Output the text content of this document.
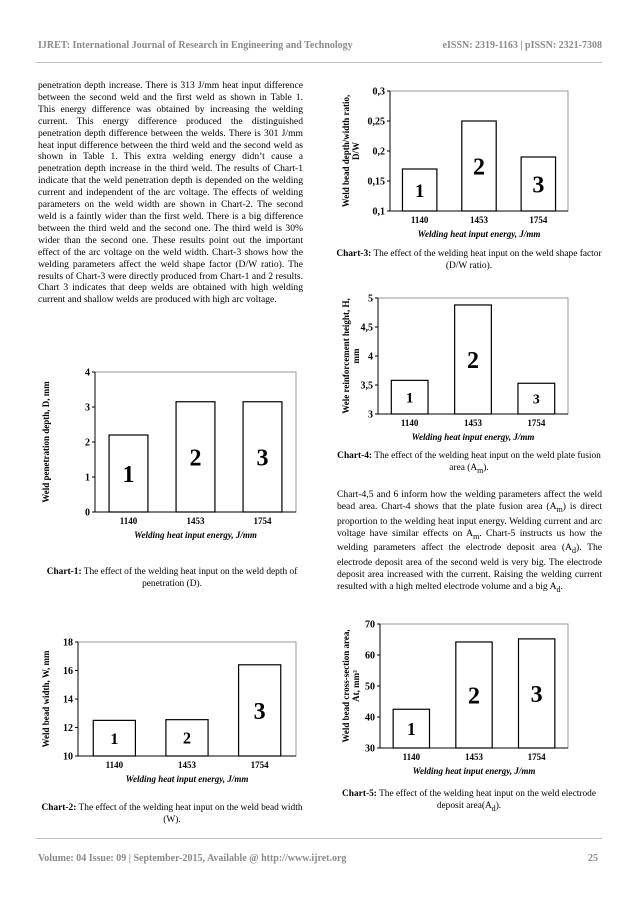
IJRET: International Journal of Research in Engineering and Technology	eISSN: 2319-1163 | pISSN: 2321-7308

penetration depth increase. There is 313 J/mm heat input difference between the second weld and the first weld as shown in Table 1. This energy difference was obtained by increasing the welding current. This energy difference produced the distinguished penetration depth difference between the welds. There is 301 J/mm heat input difference between the third weld and the second weld as shown in Table 1. This extra welding energy didn’t cause a penetration depth increase in the third weld. The results of Chart-1 indicate that the weld penetration depth is depended on the welding current and independent of the arc voltage. The effects of welding parameters on the weld width are shown in Chart-2. The second weld is a faintly wider than the first weld. There is a big difference between the third weld and the second one. The third weld is 30% wider than the second one. These results point out the important effect of the arc voltage on the weld width. Chart-3 shows how the welding parameters affect the weld shape factor (D/W ratio). The results of Chart-3 were directly produced from Chart-1 and 2 results. Chart 3 indicates that deep welds are obtained with high welding current and shallow welds are produced with high arc voltage.

0
1
2
3
4
1
1140
2
1453
3
1754
Welding heat input energy, J/mm
Weld penetration depth, D, mm
Chart-1: The effect of the welding heat input on the weld depth of penetration (D).
10
12
14
16
18
1
1140
2
1453
3
1754
Welding heat input energy, J/mm
Weld bead width, W, mm
Chart-2: The effect of the welding heat input on the weld bead width (W).
0,1
0,15
0,2
0,25
0,3
1
1140
2
1453
3
1754
Welding heat input energy, J/mm
Weld bead depth/width ratio, D/W
Chart-3: The effect of the welding heat input on the weld shape factor (D/W ratio).
3
3,5
4
4,5
5
1
1140
2
1453
3
1754
Welding heat input energy, J/mm
Wele reinforcement height, H, mm
Chart-4: The effect of the welding heat input on the weld plate fusion area $(A_m)$.

Chart-4,5 and 6 inform how the welding parameters affect the weld bead area. Chart-4 shows that the plate fusion area $(A_m)$ is direct proportion to the welding heat input energy. Welding current and arc voltage have similar effects on $A_m$. Chart-5 instructs us how the welding parameters affect the electrode deposit area $(A_d)$. The electrode deposit area of the second weld is very big. The electrode deposit area increased with the current. Raising the welding current resulted with a high melted electrode volume and a big $A_d$.

30
40
50
60
70
1
1140
2
1453
3
1754
Welding heat input energy, J/mm
Weld bead cross-section area, At, mm²
Chart-5: The effect of the welding heat input on the weld electrode deposit $area(A_d)$.
Volume: 04 Issue: 09 | September-2015, Available @ http://www.ijret.org	25
